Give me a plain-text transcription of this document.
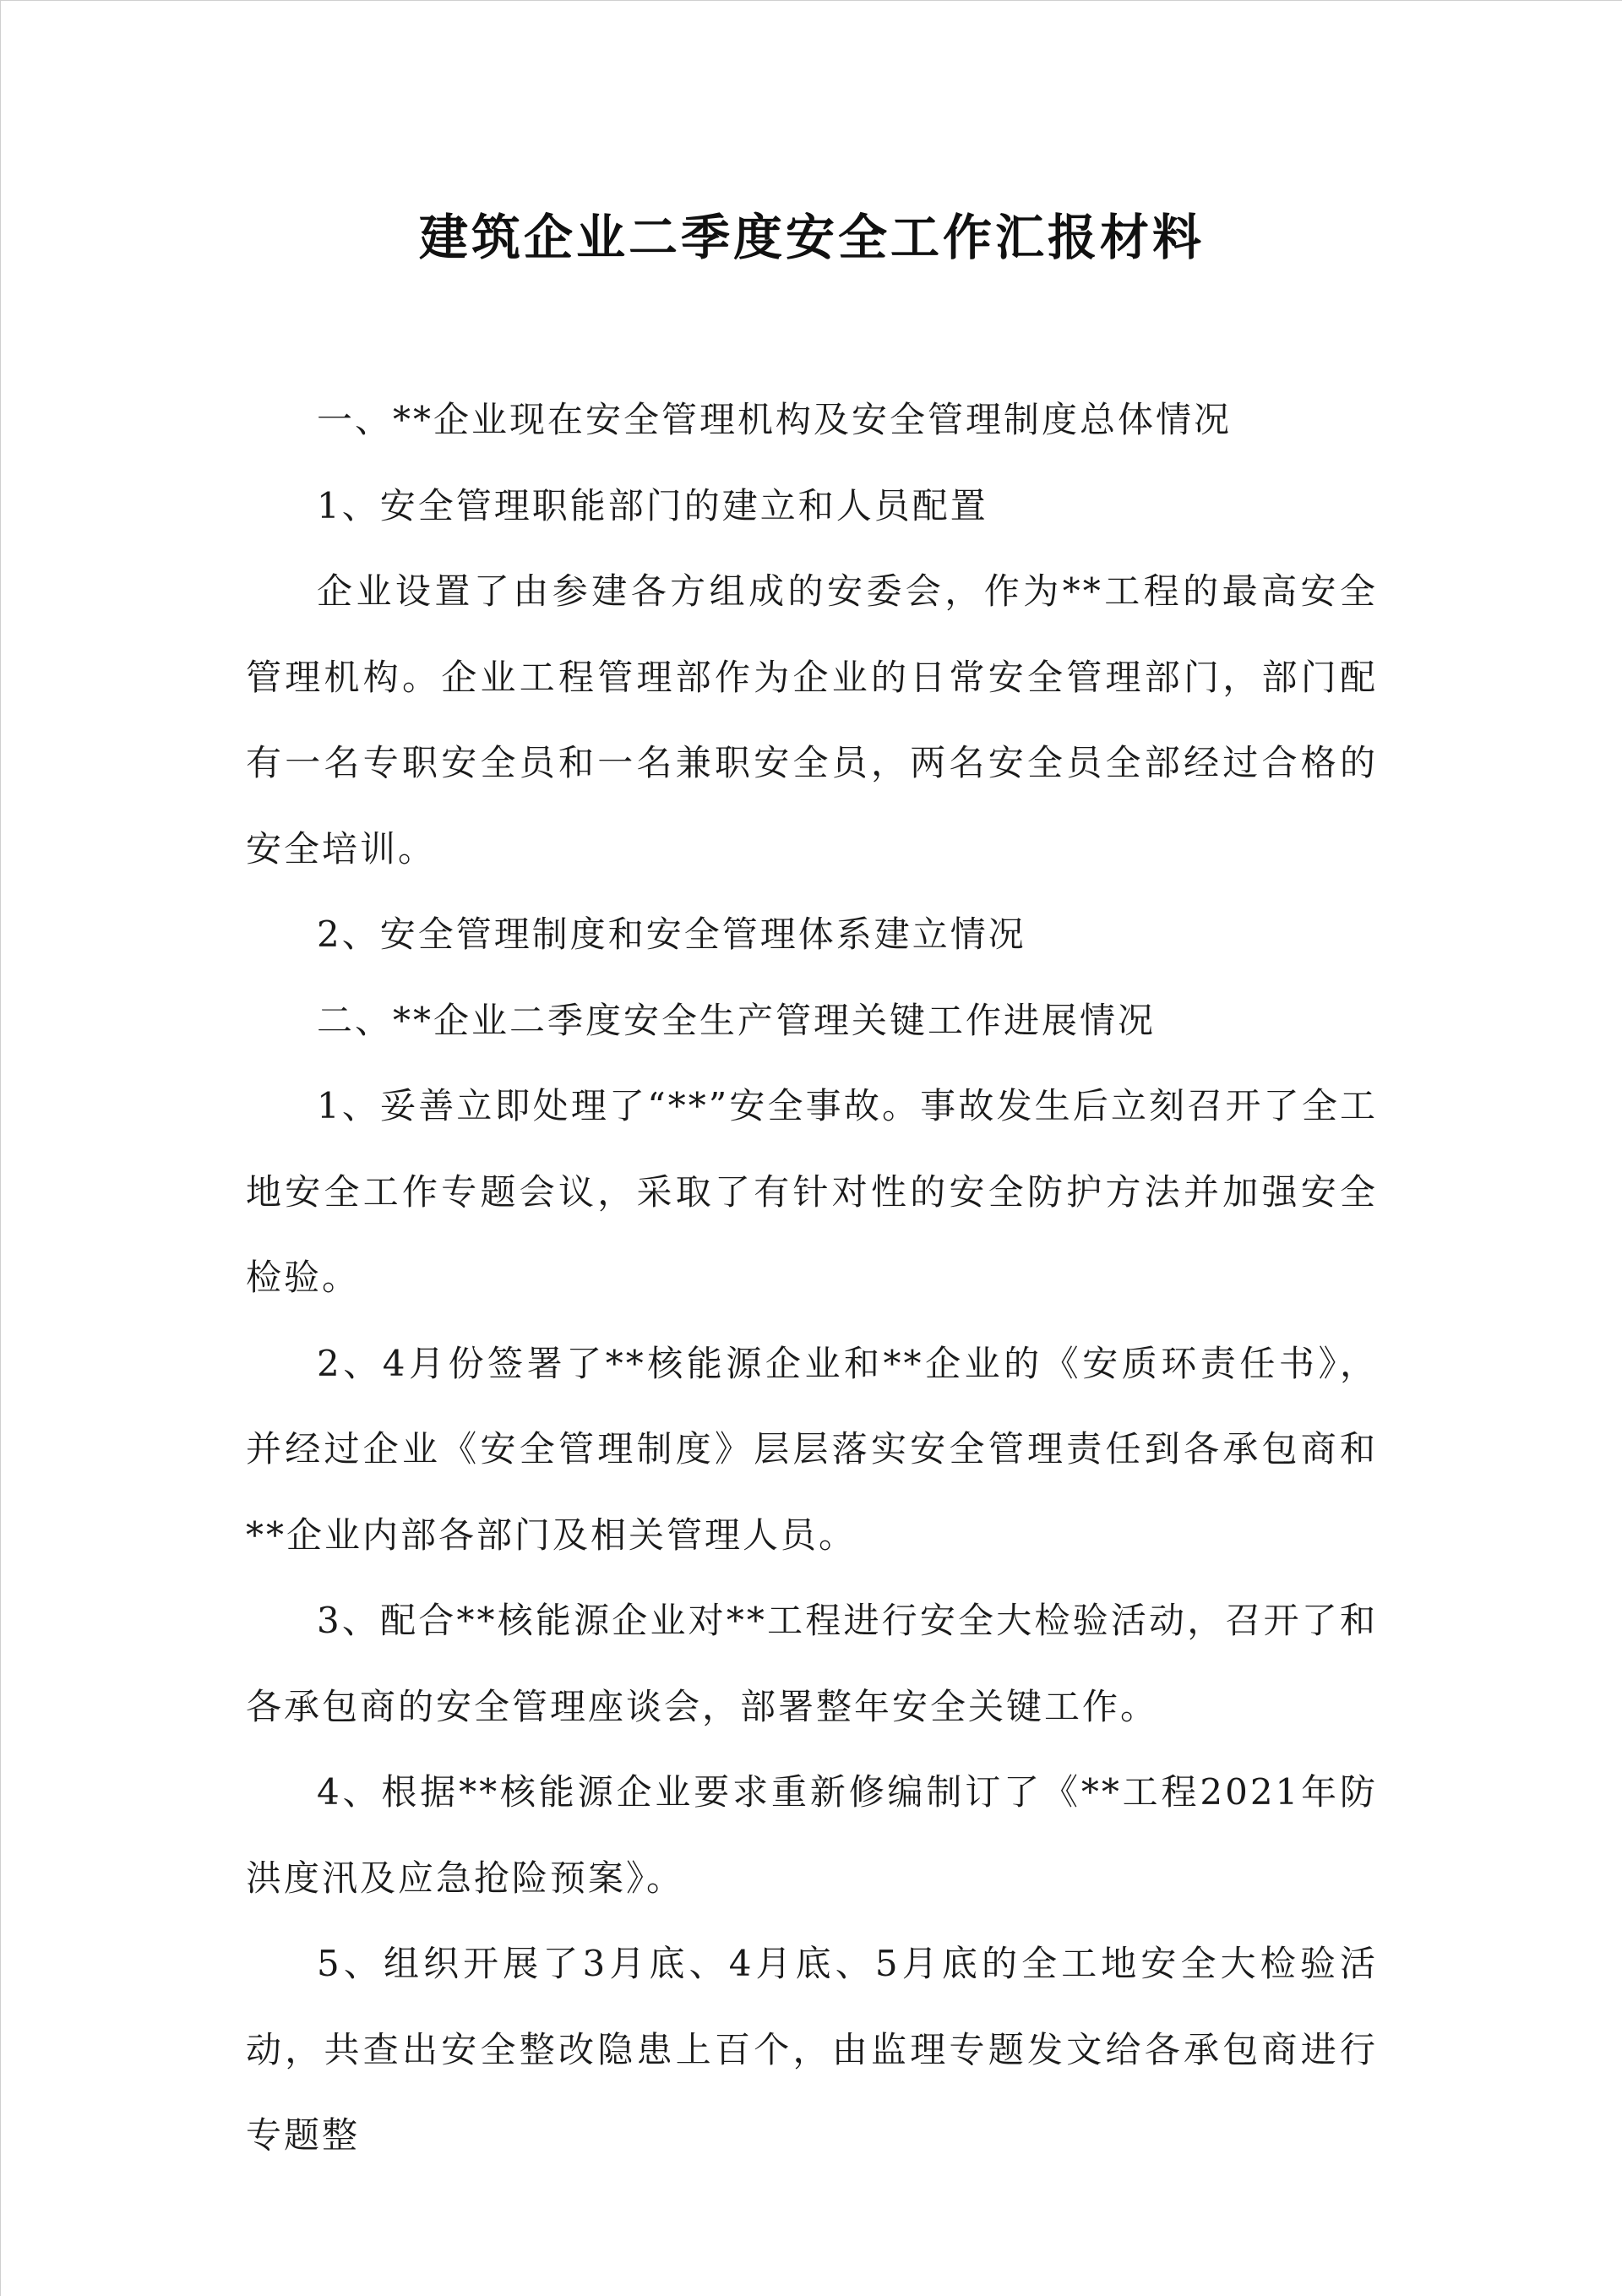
建筑企业二季度安全工作汇报材料

一、**企业现在安全管理机构及安全管理制度总体情况

1、安全管理职能部门的建立和人员配置

企业设置了由参建各方组成的安委会，作为**工程的最高安全管理机构。企业工程管理部作为企业的日常安全管理部门，部门配有一名专职安全员和一名兼职安全员，两名安全员全部经过合格的安全培训。

2、安全管理制度和安全管理体系建立情况

二、**企业二季度安全生产管理关键工作进展情况

1、妥善立即处理了“**”安全事故。事故发生后立刻召开了全工地安全工作专题会议，采取了有针对性的安全防护方法并加强安全检验。

2、4月份签署了**核能源企业和**企业的《安质环责任书》，并经过企业《安全管理制度》层层落实安全管理责任到各承包商和**企业内部各部门及相关管理人员。

3、配合**核能源企业对**工程进行安全大检验活动，召开了和各承包商的安全管理座谈会，部署整年安全关键工作。

4、根据**核能源企业要求重新修编制订了《**工程2021年防洪度汛及应急抢险预案》。

5、组织开展了3月底、4月底、5月底的全工地安全大检验活动，共查出安全整改隐患上百个，由监理专题发文给各承包商进行专题整
